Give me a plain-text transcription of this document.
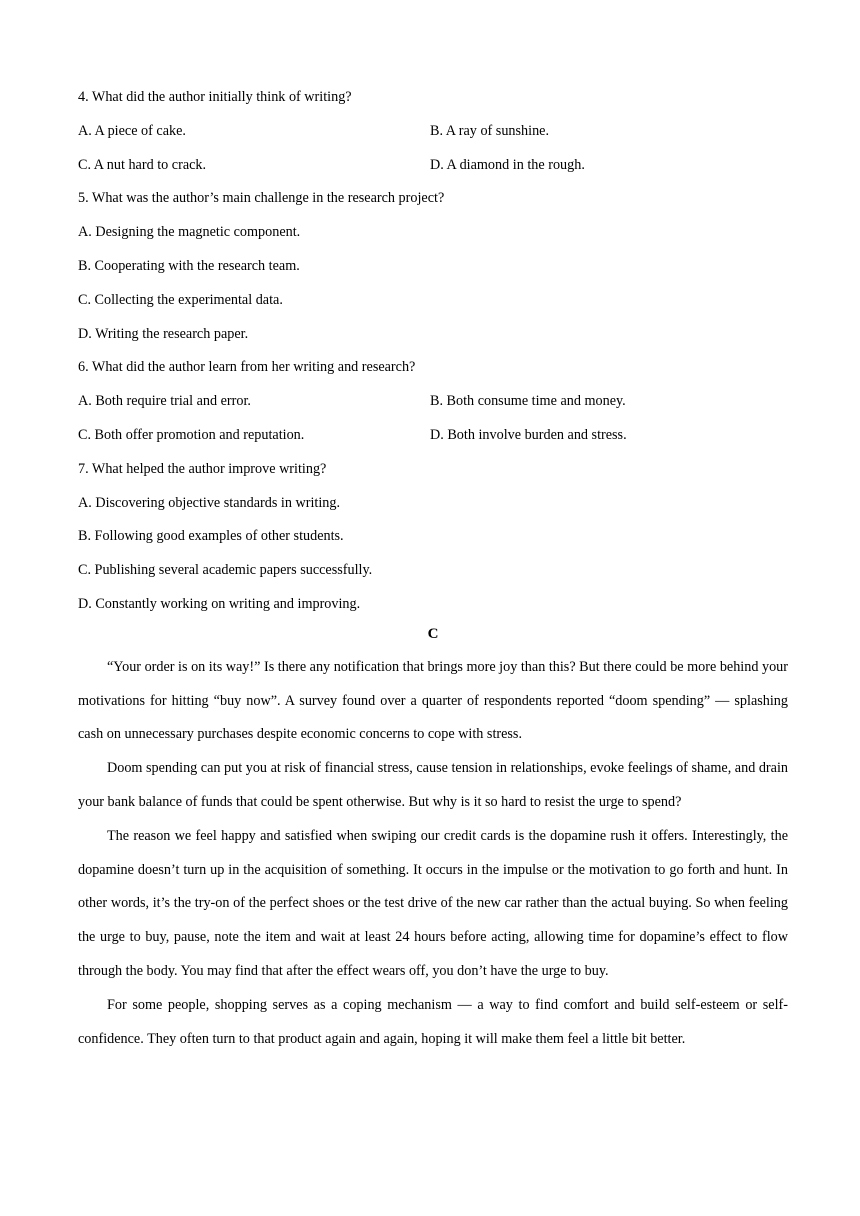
4. What did the author initially think of writing?
A. A piece of cake.	B. A ray of sunshine.
C. A nut hard to crack.	D. A diamond in the rough.
5. What was the author’s main challenge in the research project?
A. Designing the magnetic component.
B. Cooperating with the research team.
C. Collecting the experimental data.
D. Writing the research paper.
6. What did the author learn from her writing and research?
A. Both require trial and error.	B. Both consume time and money.
C. Both offer promotion and reputation.	D. Both involve burden and stress.
7. What helped the author improve writing?
A. Discovering objective standards in writing.
B. Following good examples of other students.
C. Publishing several academic papers successfully.
D. Constantly working on writing and improving.
C
“Your order is on its way!” Is there any notification that brings more joy than this? But there could be more behind your motivations for hitting “buy now”. A survey found over a quarter of respondents reported “doom spending” — splashing cash on unnecessary purchases despite economic concerns to cope with stress.
Doom spending can put you at risk of financial stress, cause tension in relationships, evoke feelings of shame, and drain your bank balance of funds that could be spent otherwise. But why is it so hard to resist the urge to spend?
The reason we feel happy and satisfied when swiping our credit cards is the dopamine rush it offers. Interestingly, the dopamine doesn’t turn up in the acquisition of something. It occurs in the impulse or the motivation to go forth and hunt. In other words, it’s the try-on of the perfect shoes or the test drive of the new car rather than the actual buying. So when feeling the urge to buy, pause, note the item and wait at least 24 hours before acting, allowing time for dopamine’s effect to flow through the body. You may find that after the effect wears off, you don’t have the urge to buy.
For some people, shopping serves as a coping mechanism — a way to find comfort and build self-esteem or self-confidence. They often turn to that product again and again, hoping it will make them feel a little bit better.
